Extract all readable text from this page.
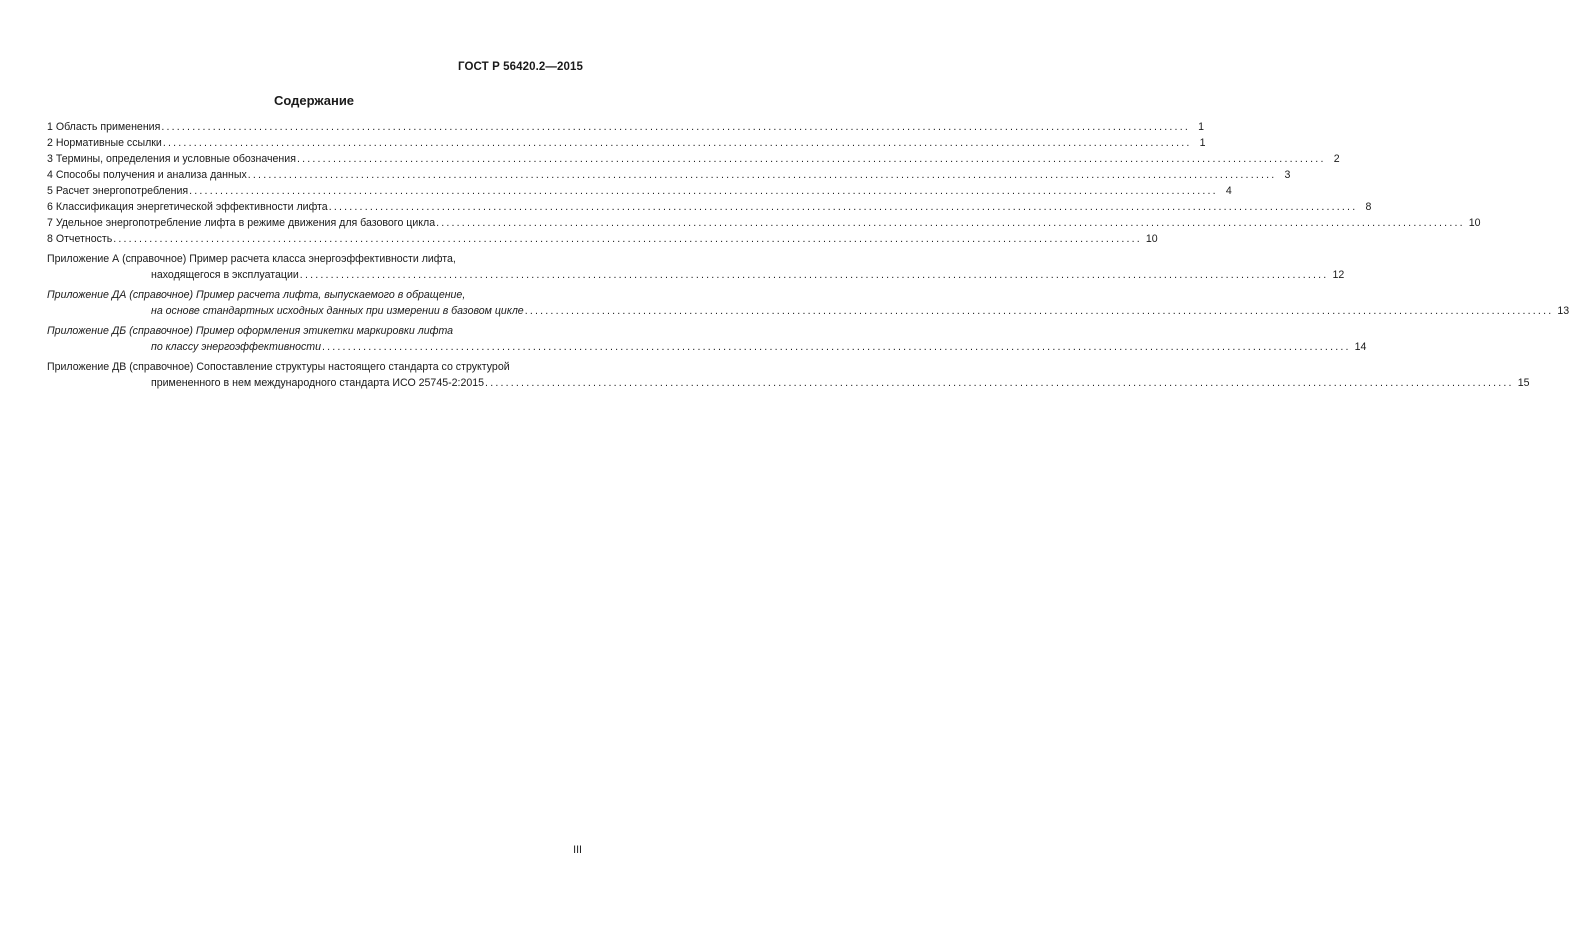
ГОСТ Р 56420.2—2015
Содержание
1 Область применения ........................................................................................................................................................................................................ 1
2 Нормативные ссылки ........................................................................................................................................................................................................ 1
3 Термины, определения и условные обозначения ........................................................................................................................................................................................................ 2
4 Способы получения и анализа данных ........................................................................................................................................................................................................ 3
5 Расчет энергопотребления ........................................................................................................................................................................................................ 4
6 Классификация энергетической эффективности лифта ........................................................................................................................................................................................................ 8
7 Удельное энергопотребление лифта в режиме движения для базового цикла ........................................................................................................................................................................................................ 10
8 Отчетность ........................................................................................................................................................................................................ 10
Приложение А (справочное) Пример расчета класса энергоэффективности лифта,
находящегося в эксплуатации ........................................................................................................................................................................................................ 12
Приложение ДА (справочное) Пример расчета лифта, выпускаемого в обращение,
на основе стандартных исходных данных при измерении в базовом цикле ........................................................................................................................................................................................................ 13
Приложение ДБ (справочное) Пример оформления этикетки маркировки лифта
по классу энергоэффективности ........................................................................................................................................................................................................ 14
Приложение ДВ (справочное) Сопоставление структуры настоящего стандарта со структурой
примененного в нем международного стандарта ИСО 25745-2:2015 ........................................................................................................................................................................................................ 15
III
